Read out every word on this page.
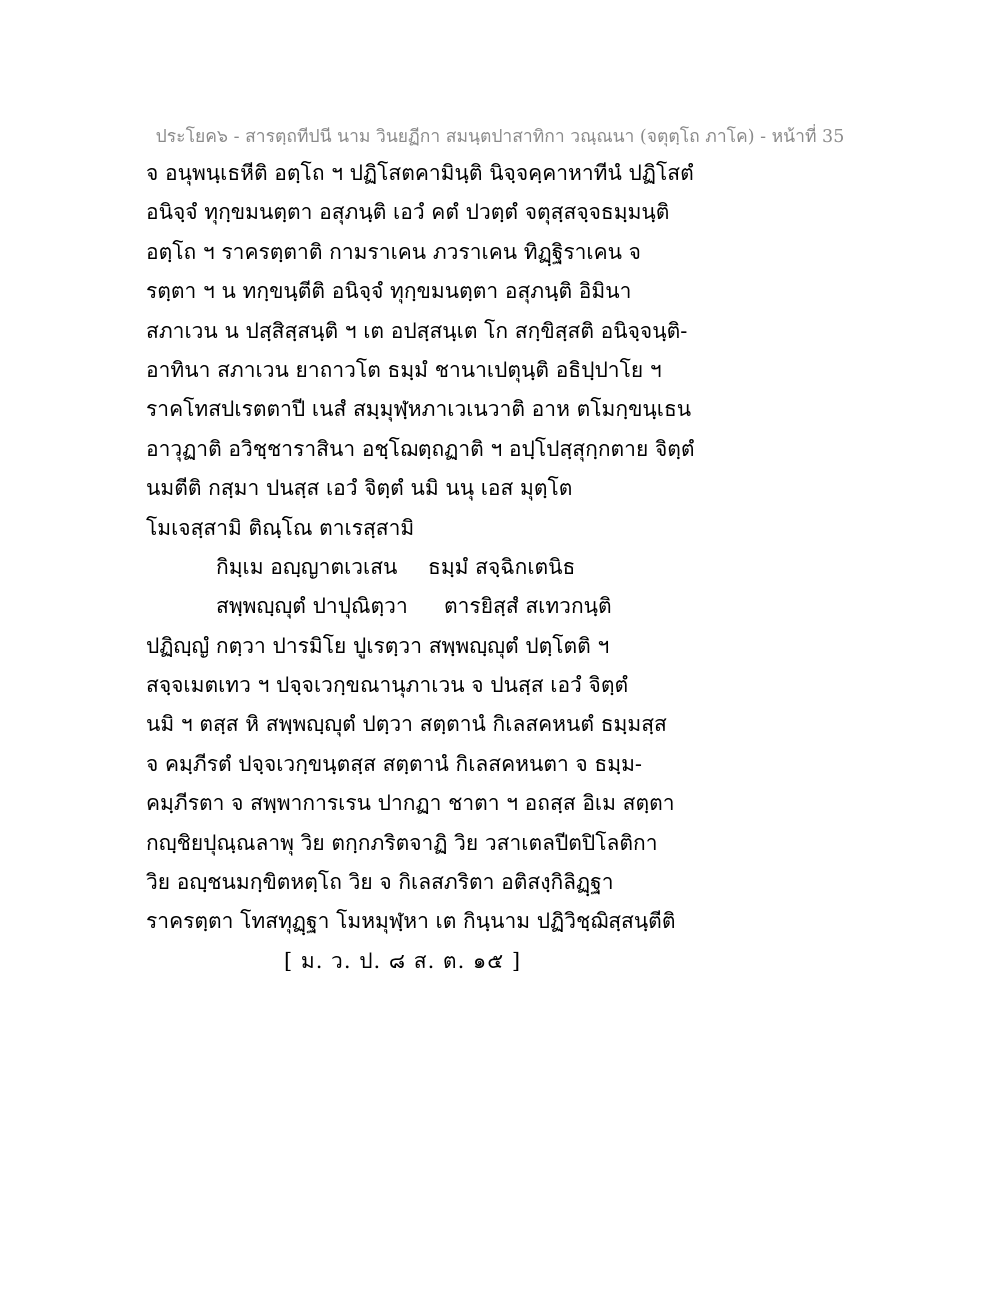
ประโยค๖ - สารตฺถทีปนี นาม วินยฏีกา สมนฺตปาสาทิกา วณฺณนา (จตุตฺโถ ภาโค) - หน้าที่ 35
จ อนุพนฺเธหีติ อตฺโถ ฯ ปฏิโสตคามินฺติ นิจฺจคฺคาหาทีนํ ปฏิโสตํ
อนิจฺจํ ทุกฺขมนตฺตา อสุภนฺติ เอวํ คตํ ปวตฺตํ จตุสฺสจฺจธมฺมนฺติ
อตฺโถ ฯ ราครตฺตาติ กามราเคน ภวราเคน ทิฏฺฐิราเคน จ
รตฺตา ฯ น ทกฺขนฺตีติ อนิจฺจํ ทุกฺขมนตฺตา อสุภนฺติ อิมินา
สภาเวน น ปสฺสิสฺสนฺติ ฯ เต อปสฺสนฺเต โก สกฺขิสฺสติ อนิจฺจนฺติ-
อาทินา สภาเวน ยาถาวโต ธมฺมํ ชานาเปตุนฺติ อธิปฺปาโย ฯ
ราคโทสปเรตตาปี เนสํ สมฺมุฬฺหภาเวเนวาติ อาห ตโมกฺขนฺเธน
อาวุฏาติ อวิชฺชาราสินา อชฺโฌตฺถฏาติ ฯ อปฺโปสฺสุกฺกตาย จิตฺตํ
นมตีติ กสฺมา ปนสฺส เอวํ จิตฺตํ นมิ นนุ เอส มุตฺโต
โมเจสฺสามิ ติณฺโณ ตาเรสฺสามิ
กิมฺเม อญฺญาตเวเสน ธมฺมํ สจฺฉิกเตนิธ
สพฺพญฺญุตํ ปาปุณิตฺวา ตารยิสฺสํ สเทวกนฺติ
ปฏิญฺญํ กตฺวา ปารมิโย ปูเรตฺวา สพฺพญฺญุตํ ปตฺโตติ ฯ
สจฺจเมตเทว ฯ ปจฺจเวกฺขณานุภาเวน จ ปนสฺส เอวํ จิตฺตํ
นมิ ฯ ตสฺส หิ สพฺพญฺญุตํ ปตฺวา สตฺตานํ กิเลสคหนตํ ธมฺมสฺส
จ คมฺภีรตํ ปจฺจเวกฺขนฺตสฺส สตฺตานํ กิเลสคหนตา จ ธมฺม-
คมฺภีรตา จ สพฺพาการเรน ปากฏา ชาตา ฯ อถสฺส อิเม สตฺตา
กญฺชิยปุณฺณลาพุ วิย ตกฺกภริตจาฏิ วิย วสาเตลปีตปิโลติกา
วิย อญฺชนมกฺขิตหตฺโถ วิย จ กิเลสภริตา อติสงฺกิลิฏฺฐา
ราครตฺตา โทสทุฏฺฐา โมหมุฬฺหา เต กินฺนาม ปฏิวิชฺฌิสฺสนฺตีติ
[ ม. ว. ป. ๘ ส. ต. ๑๕ ]
